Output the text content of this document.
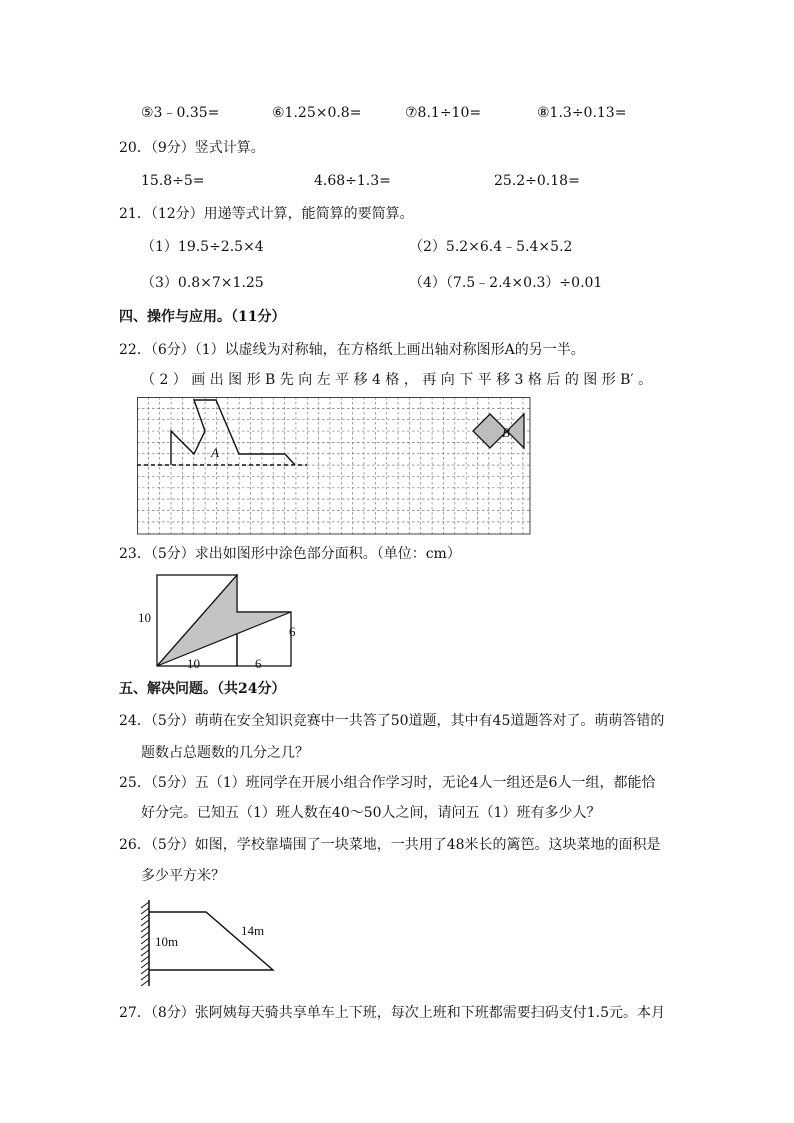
⑤3﹣0.35=	⑥1.25×0.8=	⑦8.1÷10=	⑧1.3÷0.13=
20．（9分）竖式计算。
15.8÷5=	4.68÷1.3=	25.2÷0.18=
21．（12分）用递等式计算，能简算的要简算。
（1）19.5÷2.5×4	（2）5.2×6.4﹣5.4×5.2
（3）0.8×7×1.25	（4）（7.5﹣2.4×0.3）÷0.01
四、操作与应用。（11分）
22．（6分）（1）以虚线为对称轴，在方格纸上画出轴对称图形A的另一半。
（ 2 ） 画 出 图 形 B 先 向 左 平 移 4 格 ， 再 向 下 平 移 3 格 后 的 图 形 B′ 。
A
B
23．（5分）求出如图形中涂色部分面积。（单位：cm）
10
6
10	6
五、解决问题。（共24分）
24．（5分）萌萌在安全知识竞赛中一共答了50道题，其中有45道题答对了。萌萌答错的
题数占总题数的几分之几？
25．（5分）五（1）班同学在开展小组合作学习时，无论4人一组还是6人一组，都能恰
好分完。已知五（1）班人数在40～50人之间，请问五（1）班有多少人？
26．（5分）如图，学校靠墙围了一块菜地，一共用了48米长的篱笆。这块菜地的面积是
多少平方米？
10m
14m
27．（8分）张阿姨每天骑共享单车上下班，每次上班和下班都需要扫码支付1.5元。本月
